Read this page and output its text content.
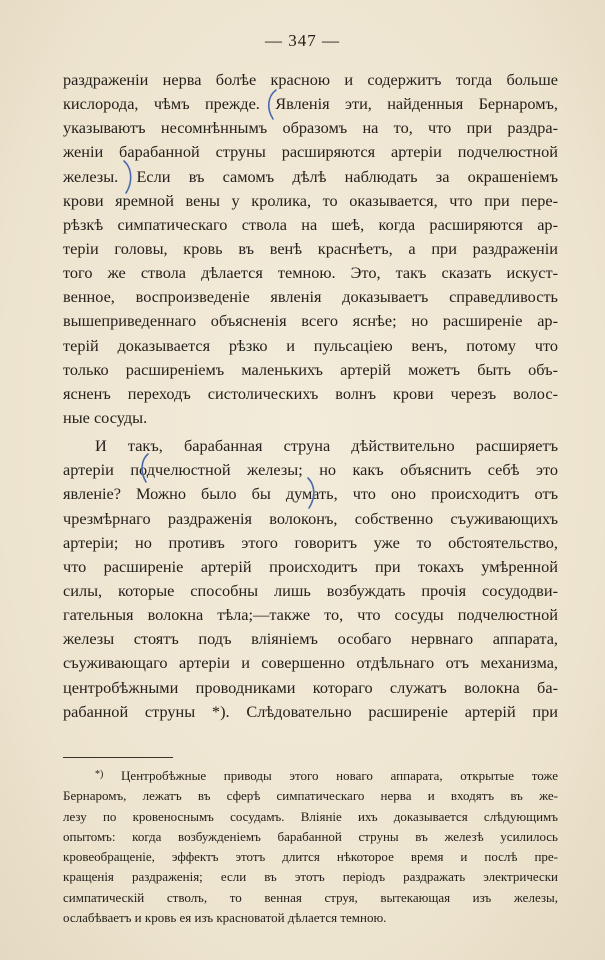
— 347 —

раздраженіи нерва болѣе красною и содержитъ тогда больше
кислорода, чѣмъ прежде. Явленія эти, найденныя Бернаромъ,
указываютъ несомнѣннымъ образомъ на то, что при раздра-
женіи барабанной струны расширяются артеріи подчелюстной
железы. Если въ самомъ дѣлѣ наблюдать за окрашеніемъ
крови яремной вены у кролика, то оказывается, что при пере-
рѣзкѣ симпатическаго ствола на шеѣ, когда расширяются ар-
теріи головы, кровь въ венѣ краснѣетъ, а при раздраженіи
того же ствола дѣлается темною. Это, такъ сказать искуст-
венное, воспроизведеніе явленія доказываетъ справедливость
вышеприведеннаго объясненія всего яснѣе; но расширеніе ар-
терій доказывается рѣзко и пульсаціею венъ, потому что
только расширеніемъ маленькихъ артерій можетъ быть объ-
ясненъ переходъ систолическихъ волнъ крови черезъ волос-
ные сосуды.

И такъ, барабанная струна дѣйствительно расширяетъ
артеріи подчелюстной железы; но какъ объяснить себѣ это
явленіе? Можно было бы думать, что оно происходитъ отъ
чрезмѣрнаго раздраженія волоконъ, собственно съуживающихъ
артеріи; но противъ этого говоритъ уже то обстоятельство,
что расширеніе артерій происходитъ при токахъ умѣренной
силы, которые способны лишь возбуждать прочія сосудодви-
гательныя волокна тѣла;—также то, что сосуды подчелюстной
железы стоятъ подъ вліяніемъ особаго нервнаго аппарата,
съуживающаго артеріи и совершенно отдѣльнаго отъ механизма,
центробѣжными проводниками котораго служатъ волокна ба-
рабанной струны *). Слѣдовательно расширеніе артерій при

*) Центробѣжные приводы этого новаго аппарата, открытые тоже
Бернаромъ, лежатъ въ сферѣ симпатическаго нерва и входятъ въ же-
лезу по кровеноснымъ сосудамъ. Вліяніе ихъ доказывается слѣдующимъ
опытомъ: когда возбужденіемъ барабанной струны въ железѣ усилилось
кровеобращеніе, эффектъ этотъ длится нѣкоторое время и послѣ пре-
кращенія раздраженія; если въ этотъ періодъ раздражать электрически
симпатическій стволъ, то венная струя, вытекающая изъ железы,
ослабѣваетъ и кровь ея изъ красноватой дѣлается темною.
